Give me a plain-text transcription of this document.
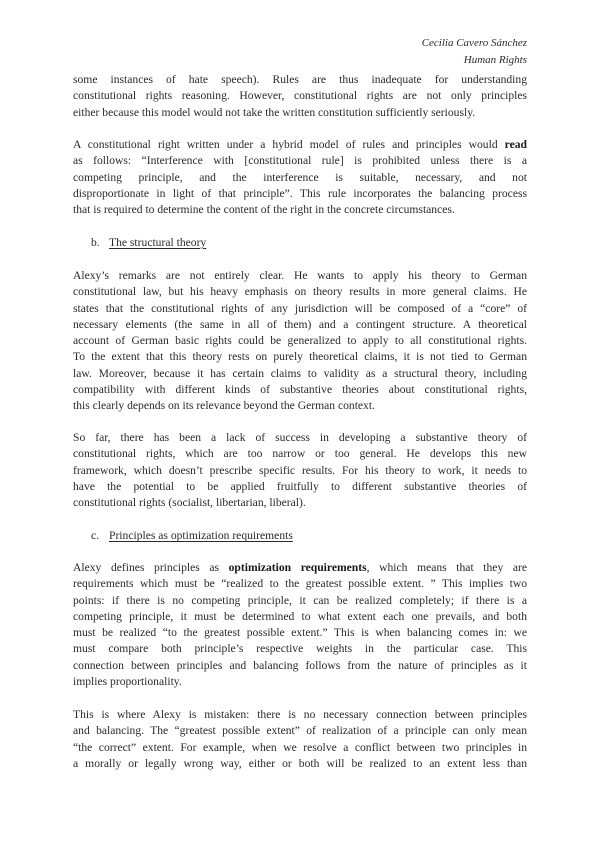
Cecilia Cavero Sánchez
Human Rights
some instances of hate speech). Rules are thus inadequate for understanding
constitutional rights reasoning. However, constitutional rights are not only principles
either because this model would not take the written constitution sufficiently seriously.
A constitutional right written under a hybrid model of rules and principles would read
as follows: “Interference with [constitutional rule] is prohibited unless there is a
competing principle, and the interference is suitable, necessary, and not
disproportionate in light of that principle”. This rule incorporates the balancing process
that is required to determine the content of the right in the concrete circumstances.
b. The structural theory
Alexy’s remarks are not entirely clear. He wants to apply his theory to German
constitutional law, but his heavy emphasis on theory results in more general claims. He
states that the constitutional rights of any jurisdiction will be composed of a “core” of
necessary elements (the same in all of them) and a contingent structure. A theoretical
account of German basic rights could be generalized to apply to all constitutional rights.
To the extent that this theory rests on purely theoretical claims, it is not tied to German
law. Moreover, because it has certain claims to validity as a structural theory, including
compatibility with different kinds of substantive theories about constitutional rights,
this clearly depends on its relevance beyond the German context.
So far, there has been a lack of success in developing a substantive theory of
constitutional rights, which are too narrow or too general. He develops this new
framework, which doesn’t prescribe specific results. For his theory to work, it needs to
have the potential to be applied fruitfully to different substantive theories of
constitutional rights (socialist, libertarian, liberal).
c. Principles as optimization requirements
Alexy defines principles as optimization requirements, which means that they are
requirements which must be “realized to the greatest possible extent. ” This implies two
points: if there is no competing principle, it can be realized completely; if there is a
competing principle, it must be determined to what extent each one prevails, and both
must be realized “to the greatest possible extent.” This is when balancing comes in: we
must compare both principle’s respective weights in the particular case. This
connection between principles and balancing follows from the nature of principles as it
implies proportionality.
This is where Alexy is mistaken: there is no necessary connection between principles
and balancing. The “greatest possible extent” of realization of a principle can only mean
“the correct” extent. For example, when we resolve a conflict between two principles in
a morally or legally wrong way, either or both will be realized to an extent less than
